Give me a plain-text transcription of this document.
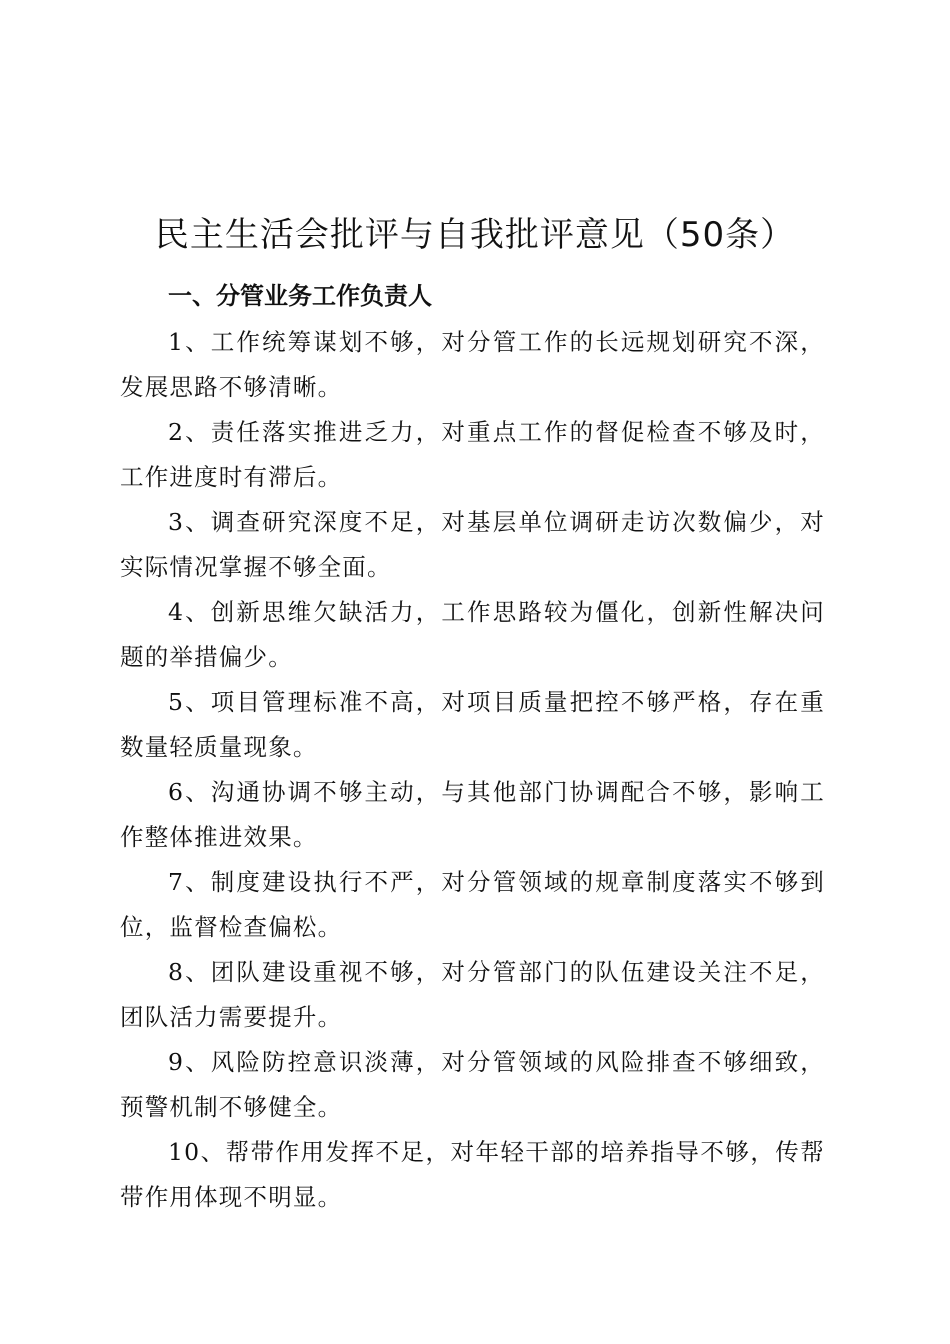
民主生活会批评与自我批评意见（50条）
一、分管业务工作负责人

1、工作统筹谋划不够，对分管工作的长远规划研究不深，发展思路不够清晰。

2、责任落实推进乏力，对重点工作的督促检查不够及时，工作进度时有滞后。

3、调查研究深度不足，对基层单位调研走访次数偏少，对实际情况掌握不够全面。

4、创新思维欠缺活力，工作思路较为僵化，创新性解决问题的举措偏少。

5、项目管理标准不高，对项目质量把控不够严格，存在重数量轻质量现象。

6、沟通协调不够主动，与其他部门协调配合不够，影响工作整体推进效果。

7、制度建设执行不严，对分管领域的规章制度落实不够到位，监督检查偏松。

8、团队建设重视不够，对分管部门的队伍建设关注不足，团队活力需要提升。

9、风险防控意识淡薄，对分管领域的风险排查不够细致，预警机制不够健全。

10、帮带作用发挥不足，对年轻干部的培养指导不够，传帮带作用体现不明显。
